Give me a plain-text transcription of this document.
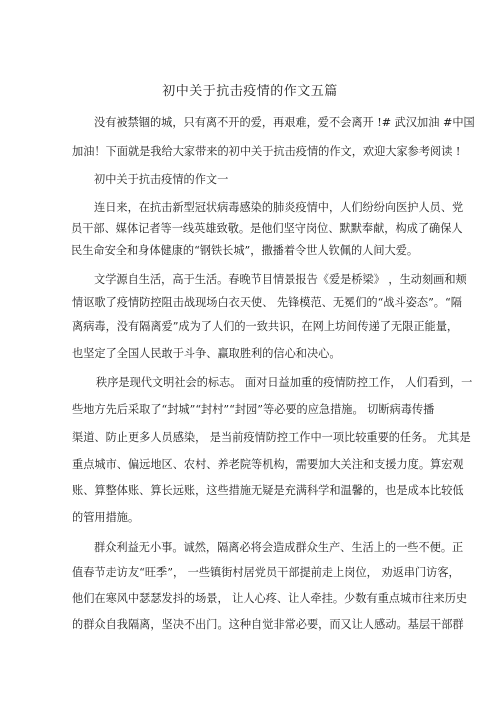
初中关于抗击疫情的作文五篇
没有被禁锢的城，只有离不开的爱，再艰难，爱不会离开 !# 武汉加油 #中国
加油！下面就是我给大家带来的初中关于抗击疫情的作文，欢迎大家参考阅读 !
初中关于抗击疫情的作文一
连日来，在抗击新型冠状病毒感染的肺炎疫情中，人们纷纷向医护人员、党
员干部、媒体记者等一线英雄致敬。是他们坚守岗位、默默奉献，构成了确保人
民生命安全和身体健康的“钢铁长城”，撒播着令世人钦佩的人间大爱。
文学源自生活，高于生活。春晚节目情景报告《爱是桥梁》 ，生动刻画和颊
情讴歌了疫情防控阻击战现场白衣天使、 先锋模范、无冕们的“战斗姿态”。“隔
离病毒，没有隔离爱”成为了人们的一致共识，在网上坊间传递了无限正能量，
也坚定了全国人民敢于斗争、赢取胜利的信心和决心。
秩序是现代文明社会的标志。 面对日益加重的疫情防控工作， 人们看到，一
些地方先后采取了“封城”“封村”“封园”等必要的应急措施。 切断病毒传播
渠道、防止更多人员感染， 是当前疫情防控工作中一项比较重要的任务。 尤其是
重点城市、偏远地区、农村、养老院等机构，需要加大关注和支援力度。算宏观
账、算整体账、算长远账，这些措施无疑是充满科学和温馨的，也是成本比较低
的管用措施。
群众利益无小事。诚然，隔离必将会造成群众生产、生活上的一些不便。正
值春节走访友“旺季”， 一些镇街村居党员干部提前走上岗位， 劝返串门访客，
他们在寒风中瑟瑟发抖的场景， 让人心疼、让人牵挂。少数有重点城市往来历史
的群众自我隔离，坚决不出门。这种自觉非常必要，而又让人感动。基层干部群
